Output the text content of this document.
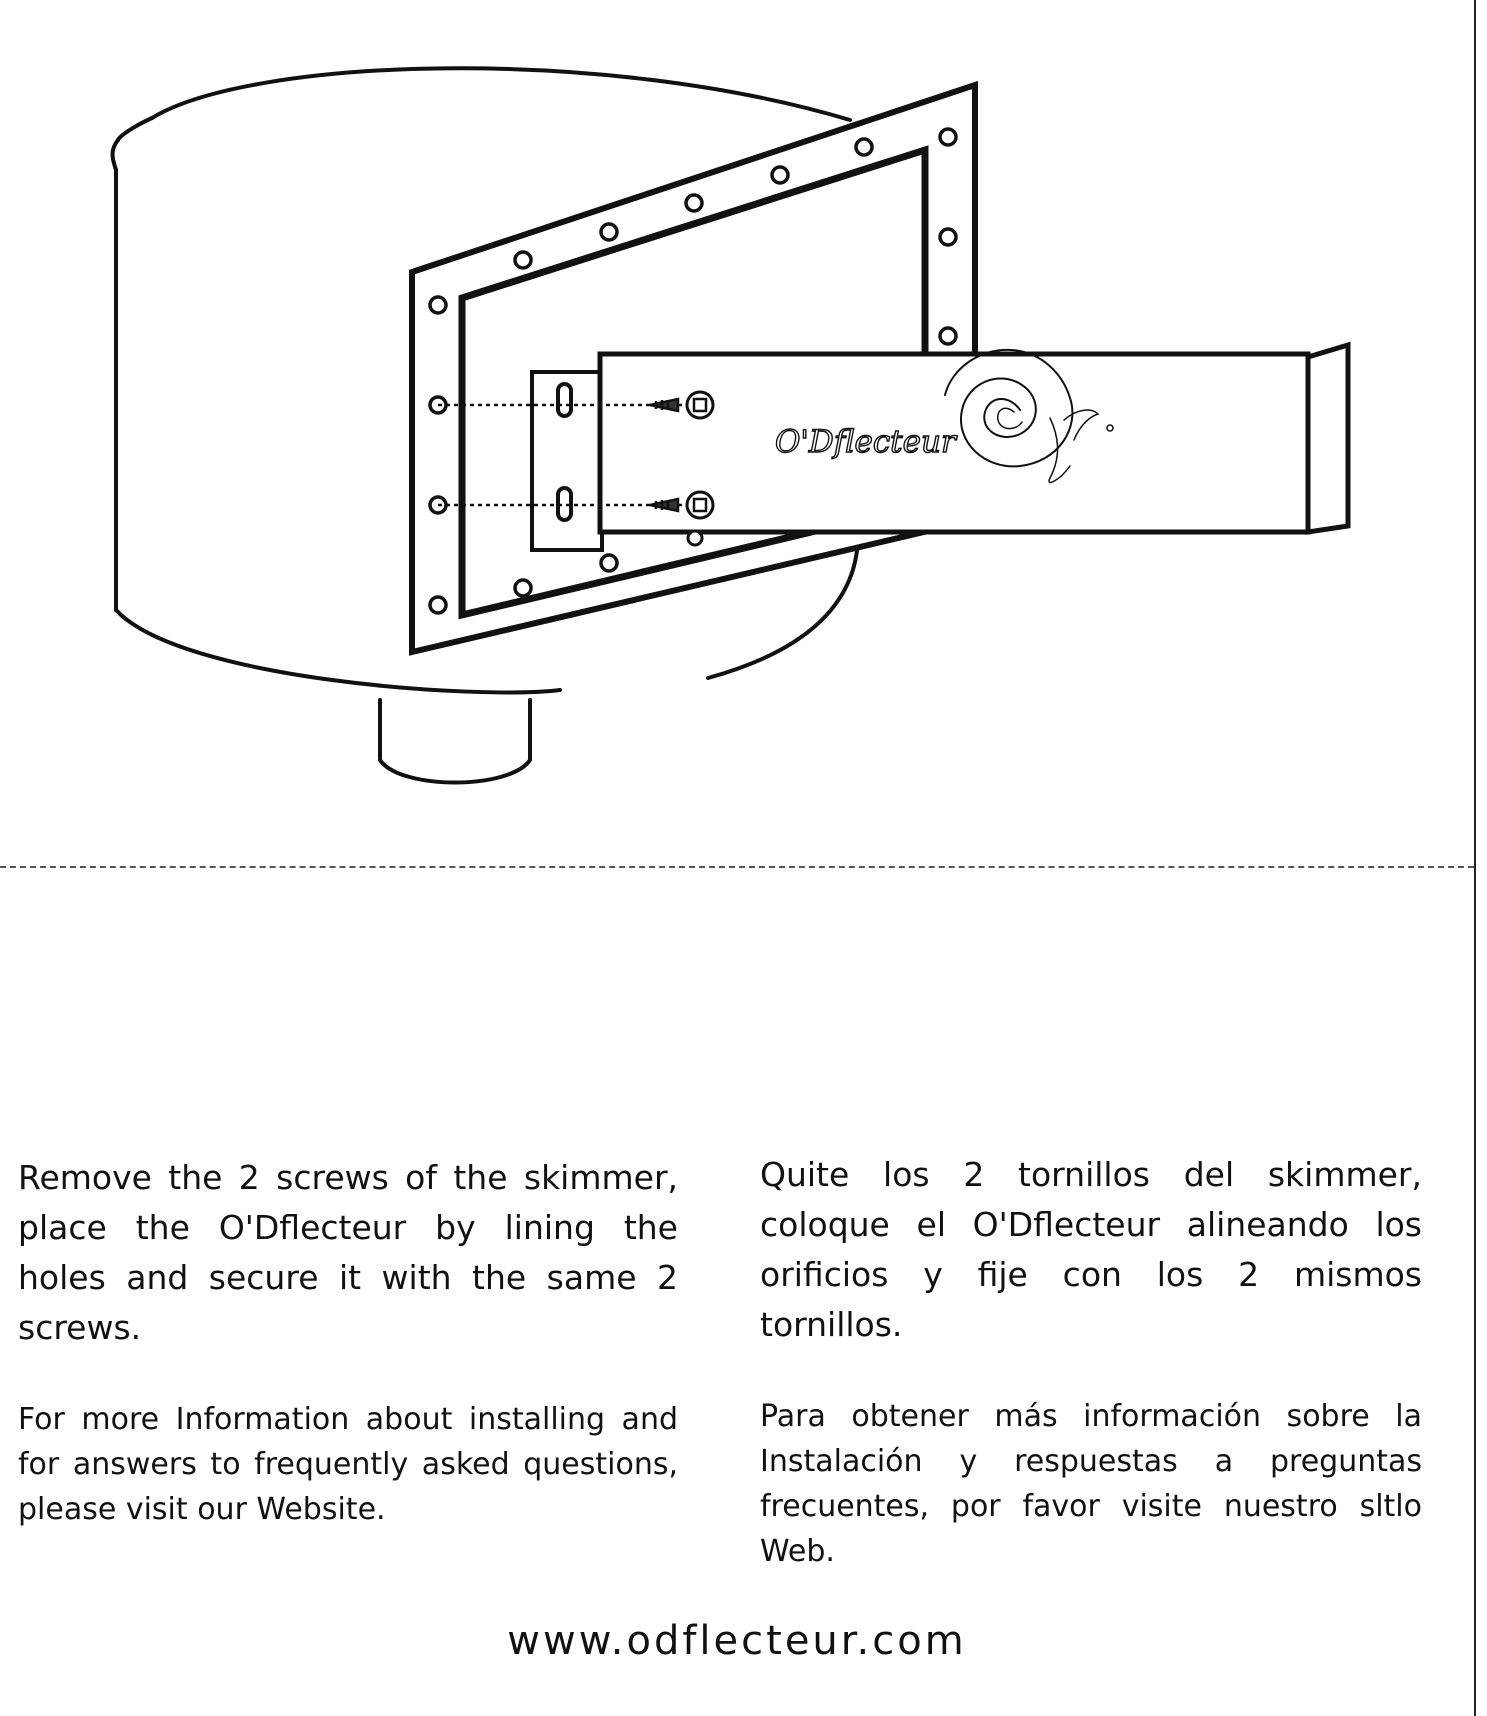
O'Dflecteur

Remove the 2 screws of the skimmer, place the O'Dflecteur by lining the holes and secure it with the same 2 screws.

For more Information about installing and for answers to frequently asked questions, please visit our Website.

Quite los 2 tornillos del skimmer, coloque el O'Dflecteur alineando los orificios y fije con los 2 mismos tornillos.

Para obtener más información sobre la Instalación y respuestas a preguntas frecuentes, por favor visite nuestro sltlo Web.

www.odflecteur.com
